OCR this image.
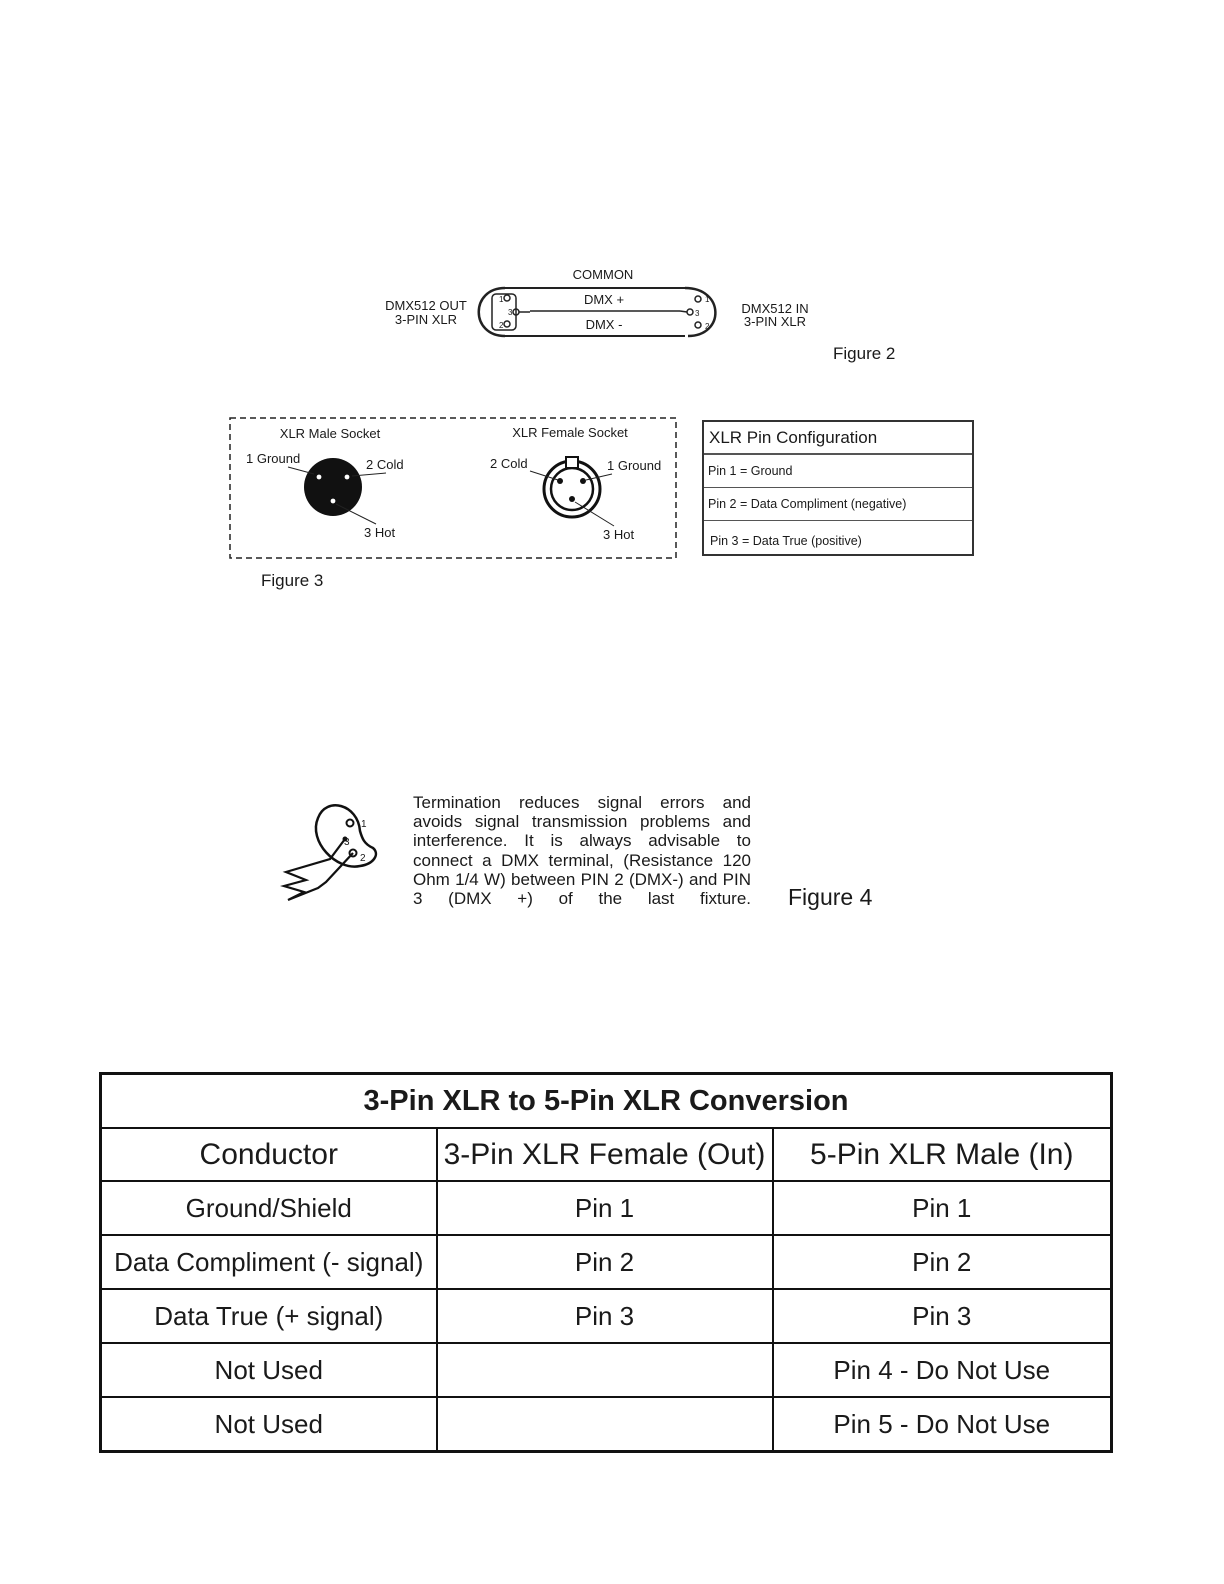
COMMON
DMX +
DMX -
DMX512 OUT
3-PIN XLR
DMX512 IN
3-PIN XLR
1
3
2
1
3
2
Figure 2
XLR Male Socket	XLR Female Socket
1 Ground	2 Cold
3 Hot
2 Cold	1 Ground
3 Hot
Figure 3
XLR Pin Configuration
Pin 1 = Ground
Pin 2 = Data Compliment (negative)
Pin 3 = Data True (positive)
1
3
2
Termination reduces signal errors and avoids signal transmission problems and interference. It is always advisable to connect a DMX terminal, (Resistance 120 Ohm 1/4 W) between PIN 2 (DMX-) and PIN 3 (DMX +) of the last fixture. Figure 4
3-Pin XLR to 5-Pin XLR Conversion		
Conductor	3-Pin XLR Female (Out)	5-Pin XLR Male (In)
Ground/Shield	Pin 1	Pin 1
Data Compliment (- signal)	Pin 2	Pin 2
Data True (+ signal)	Pin 3	Pin 3
Not Used		Pin 4 - Do Not Use
Not Used		Pin 5 - Do Not Use
